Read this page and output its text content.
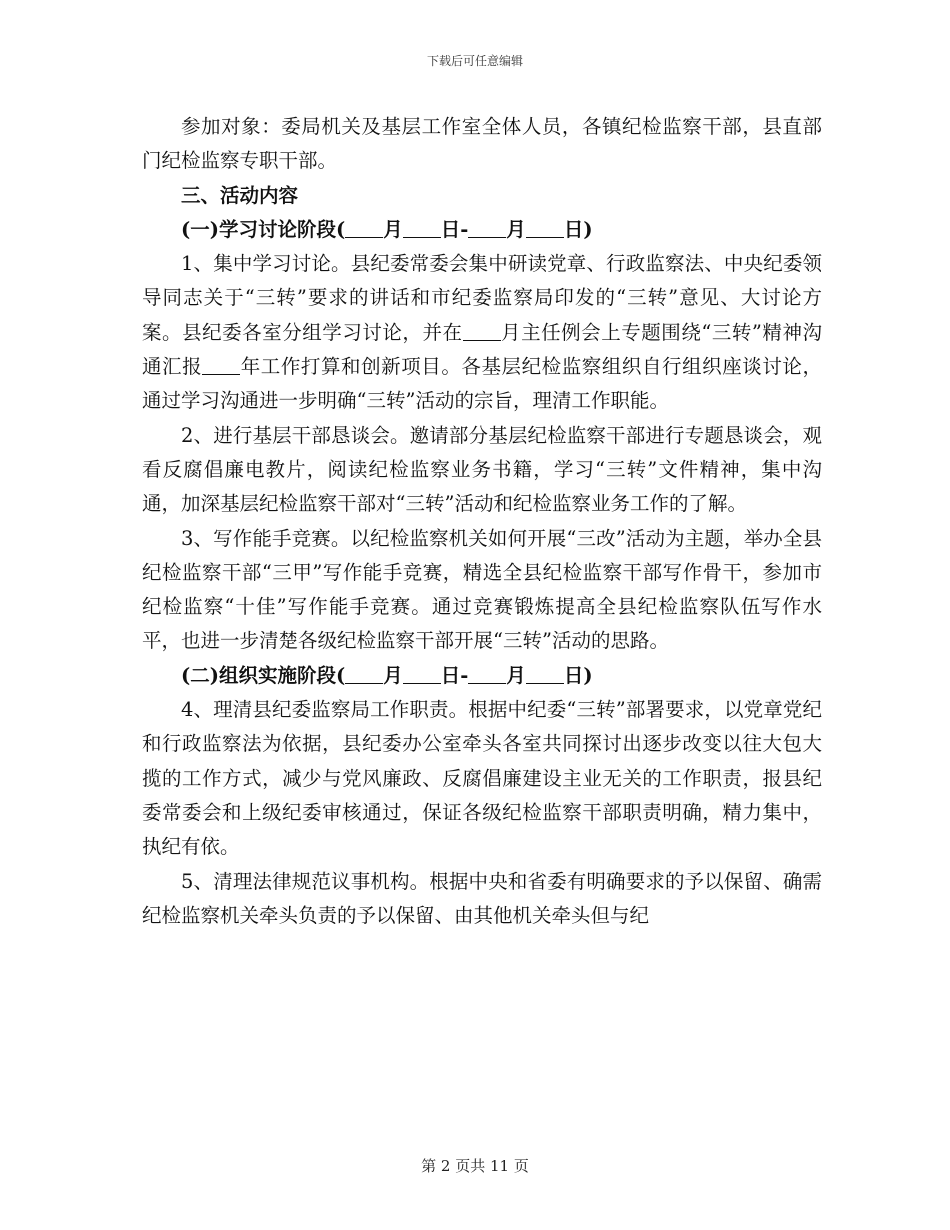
下载后可任意编辑

参加对象：委局机关及基层工作室全体人员，各镇纪检监察干部，县直部门纪检监察专职干部。

三、活动内容

(一)学习讨论阶段( 月 日- 月 日)

1、集中学习讨论。县纪委常委会集中研读党章、行政监察法、中央纪委领导同志关于“三转”要求的讲话和市纪委监察局印发的“三转”意见、大讨论方案。县纪委各室分组学习讨论，并在 月主任例会上专题围绕“三转”精神沟通汇报 年工作打算和创新项目。各基层纪检监察组织自行组织座谈讨论，通过学习沟通进一步明确“三转”活动的宗旨，理清工作职能。

2、进行基层干部恳谈会。邀请部分基层纪检监察干部进行专题恳谈会，观看反腐倡廉电教片，阅读纪检监察业务书籍，学习“三转”文件精神，集中沟通，加深基层纪检监察干部对“三转”活动和纪检监察业务工作的了解。

3、写作能手竞赛。以纪检监察机关如何开展“三改”活动为主题，举办全县纪检监察干部“三甲”写作能手竞赛，精选全县纪检监察干部写作骨干，参加市纪检监察“十佳”写作能手竞赛。通过竞赛锻炼提高全县纪检监察队伍写作水平，也进一步清楚各级纪检监察干部开展“三转”活动的思路。

(二)组织实施阶段( 月 日- 月 日)

4、理清县纪委监察局工作职责。根据中纪委“三转”部署要求，以党章党纪和行政监察法为依据，县纪委办公室牵头各室共同探讨出逐步改变以往大包大揽的工作方式，减少与党风廉政、反腐倡廉建设主业无关的工作职责，报县纪委常委会和上级纪委审核通过，保证各级纪检监察干部职责明确，精力集中，执纪有依。

5、清理法律规范议事机构。根据中央和省委有明确要求的予以保留、确需纪检监察机关牵头负责的予以保留、由其他机关牵头但与纪

第 2 页共 11 页
